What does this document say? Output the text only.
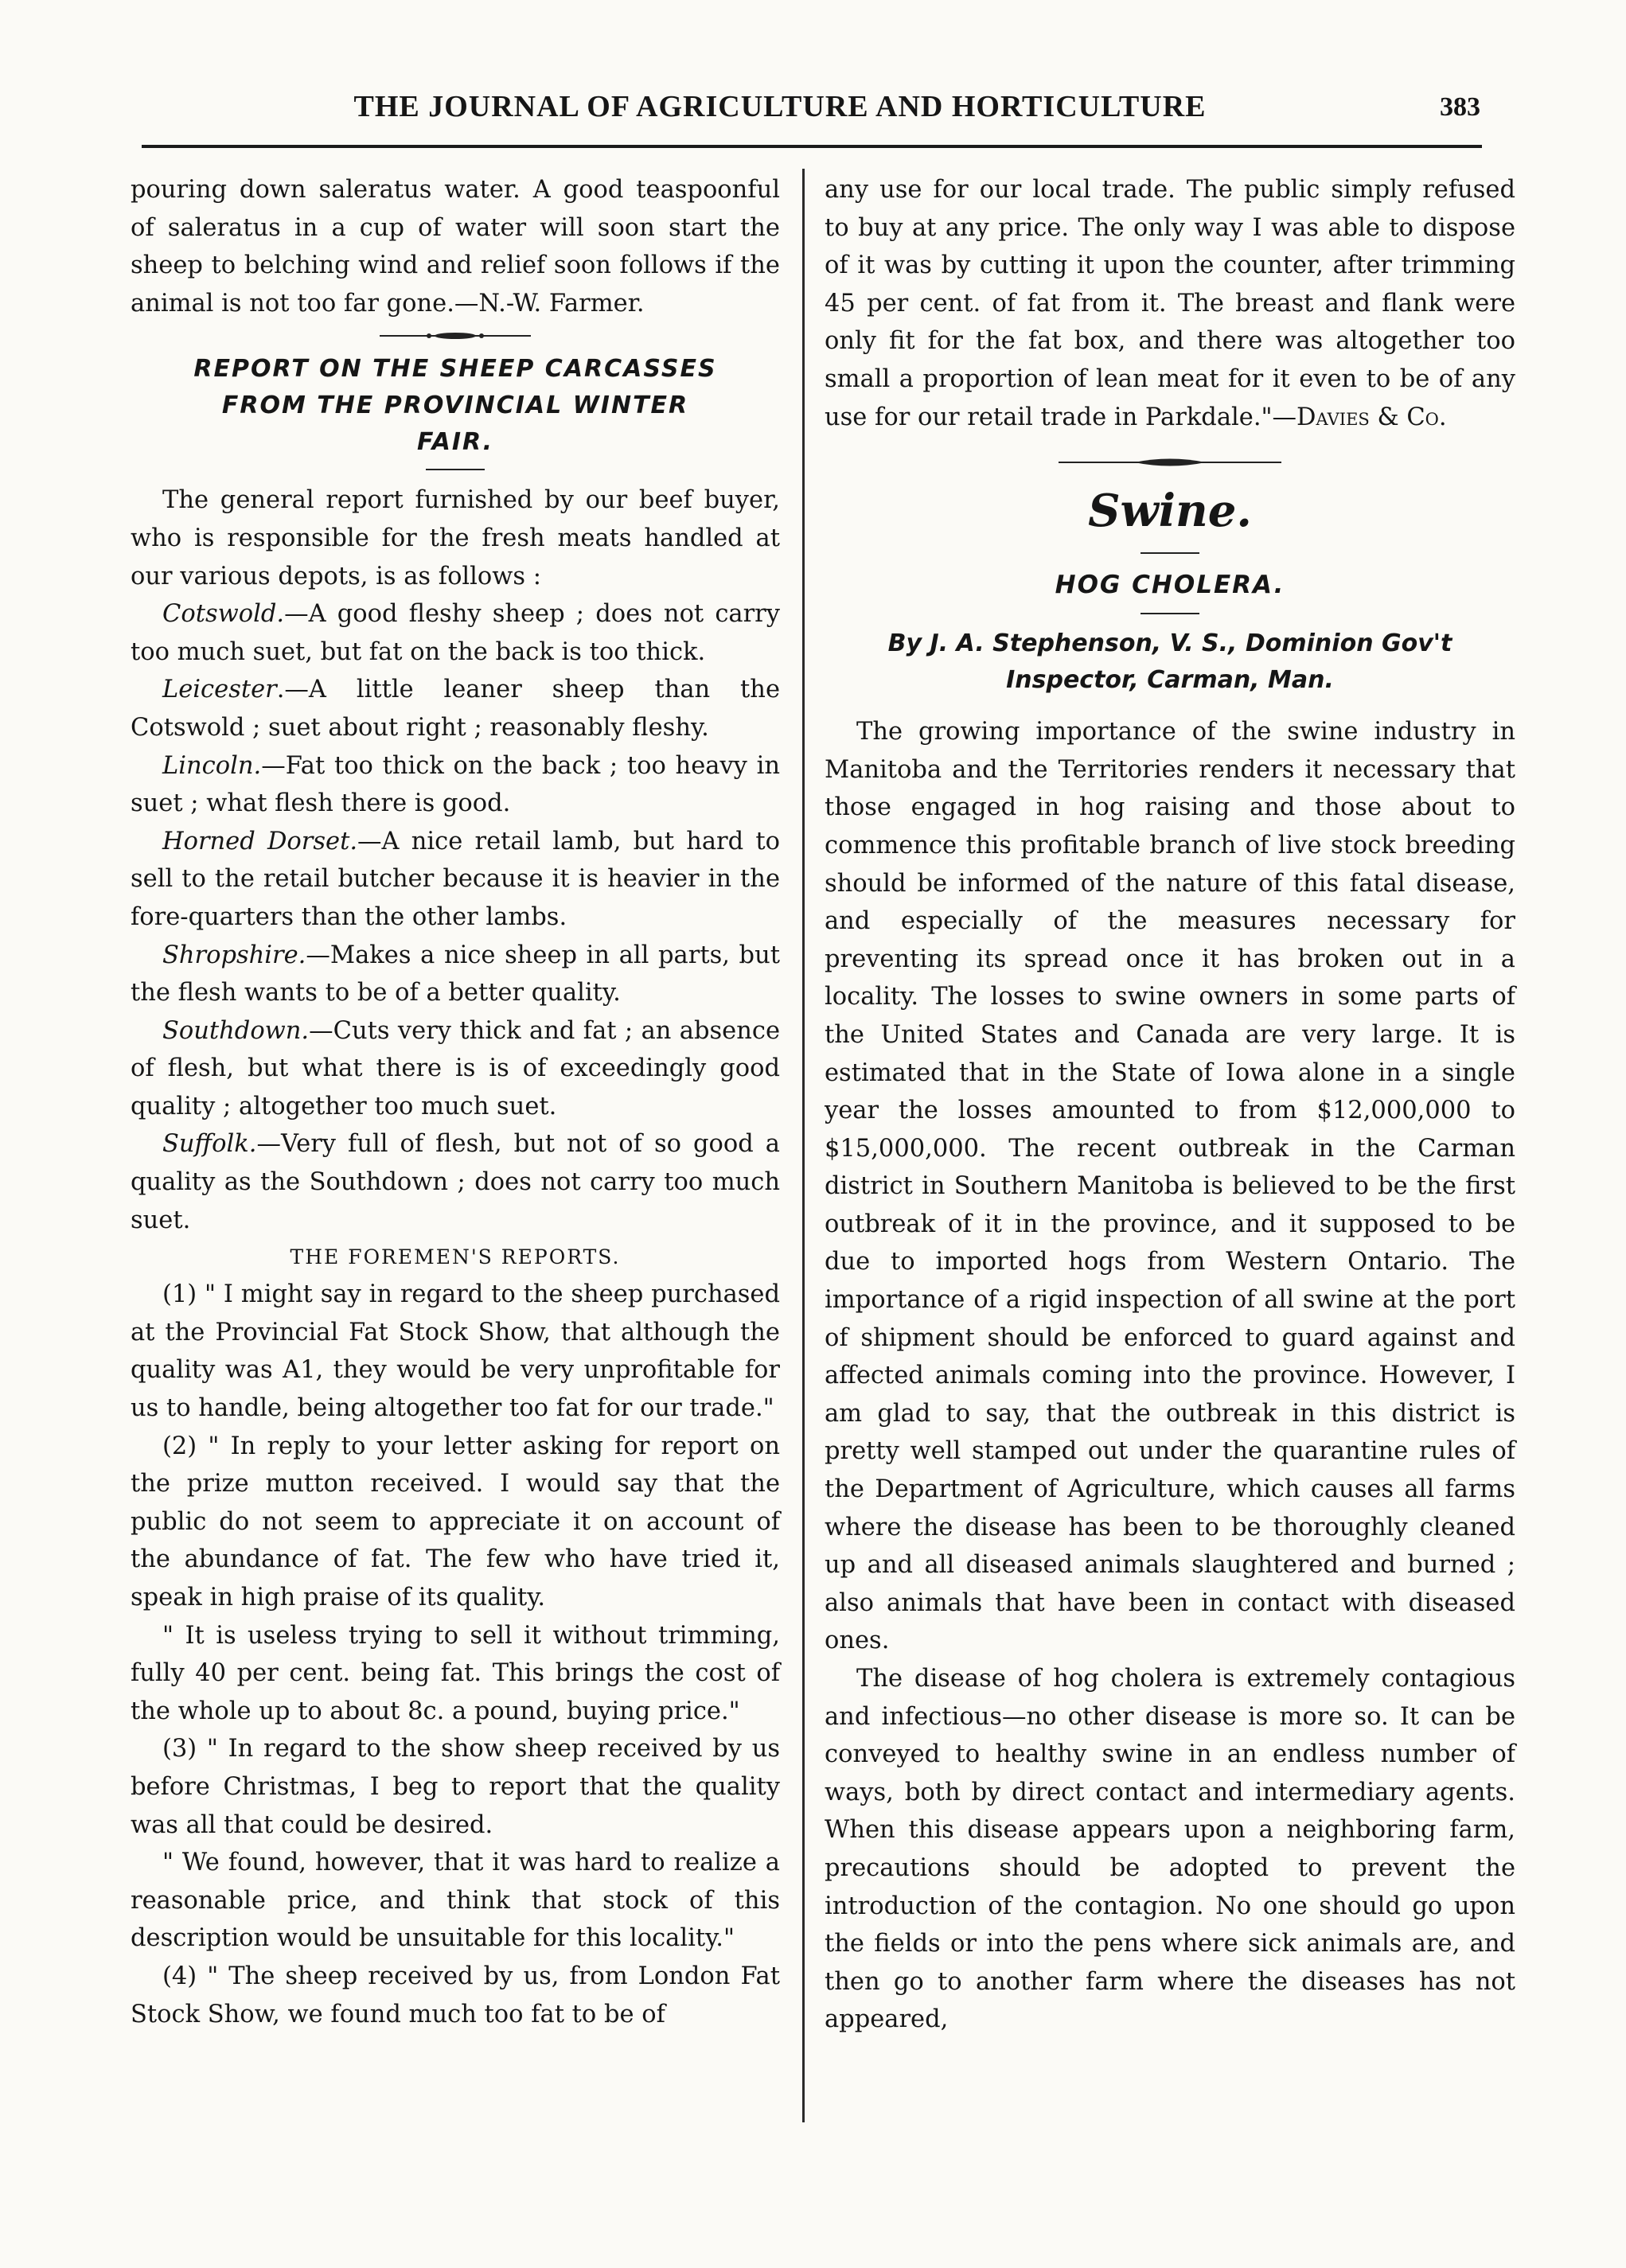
THE JOURNAL OF AGRICULTURE AND HORTICULTURE	383

pouring down saleratus water. A good teaspoonful of saleratus in a cup of water will soon start the sheep to belching wind and relief soon follows if the animal is not too far gone.—N.-W. Farmer.

REPORT ON THE SHEEP CARCASSES
FROM THE PROVINCIAL WINTER
FAIR.

The general report furnished by our beef buyer, who is responsible for the fresh meats handled at our various depots, is as follows :

Cotswold.—A good fleshy sheep ; does not carry too much suet, but fat on the back is too thick.
Leicester.—A little leaner sheep than the Cotswold ; suet about right ; reasonably fleshy.
Lincoln.—Fat too thick on the back ; too heavy in suet ; what flesh there is good.
Horned Dorset.—A nice retail lamb, but hard to sell to the retail butcher because it is heavier in the fore-quarters than the other lambs.
Shropshire.—Makes a nice sheep in all parts, but the flesh wants to be of a better quality.
Southdown.—Cuts very thick and fat ; an absence of flesh, but what there is is of exceedingly good quality ; altogether too much suet.
Suffolk.—Very full of flesh, but not of so good a quality as the Southdown ; does not carry too much suet.
THE FOREMEN'S REPORTS.

(1) " I might say in regard to the sheep purchased at the Provincial Fat Stock Show, that although the quality was A1, they would be very unprofitable for us to handle, being altogether too fat for our trade."

(2) " In reply to your letter asking for report on the prize mutton received. I would say that the public do not seem to appreciate it on account of the abundance of fat. The few who have tried it, speak in high praise of its quality.

" It is useless trying to sell it without trimming, fully 40 per cent. being fat. This brings the cost of the whole up to about 8c. a pound, buying price."

(3) " In regard to the show sheep received by us before Christmas, I beg to report that the quality was all that could be desired.

" We found, however, that it was hard to realize a reasonable price, and think that stock of this description would be unsuitable for this locality."

(4) " The sheep received by us, from London Fat Stock Show, we found much too fat to be of

any use for our local trade. The public simply refused to buy at any price. The only way I was able to dispose of it was by cutting it upon the counter, after trimming 45 per cent. of fat from it. The breast and flank were only fit for the fat box, and there was altogether too small a proportion of lean meat for it even to be of any use for our retail trade in Parkdale."—Davies & Co.

Swine.
HOG CHOLERA.
By J. A. Stephenson, V. S., Dominion Gov't
Inspector, Carman, Man.

The growing importance of the swine industry in Manitoba and the Territories renders it necessary that those engaged in hog raising and those about to commence this profitable branch of live stock breeding should be informed of the nature of this fatal disease, and especially of the measures necessary for preventing its spread once it has broken out in a locality. The losses to swine owners in some parts of the United States and Canada are very large. It is estimated that in the State of Iowa alone in a single year the losses amounted to from $12,000,000 to $15,000,000. The recent outbreak in the Carman district in Southern Manitoba is believed to be the first outbreak of it in the province, and it supposed to be due to imported hogs from Western Ontario. The importance of a rigid inspection of all swine at the port of shipment should be enforced to guard against and affected animals coming into the province. However, I am glad to say, that the outbreak in this district is pretty well stamped out under the quarantine rules of the Department of Agriculture, which causes all farms where the disease has been to be thoroughly cleaned up and all diseased animals slaughtered and burned ; also animals that have been in contact with diseased ones.

The disease of hog cholera is extremely contagious and infectious—no other disease is more so. It can be conveyed to healthy swine in an endless number of ways, both by direct contact and intermediary agents. When this disease appears upon a neighboring farm, precautions should be adopted to prevent the introduction of the contagion. No one should go upon the fields or into the pens where sick animals are, and then go to another farm where the diseases has not appeared,
